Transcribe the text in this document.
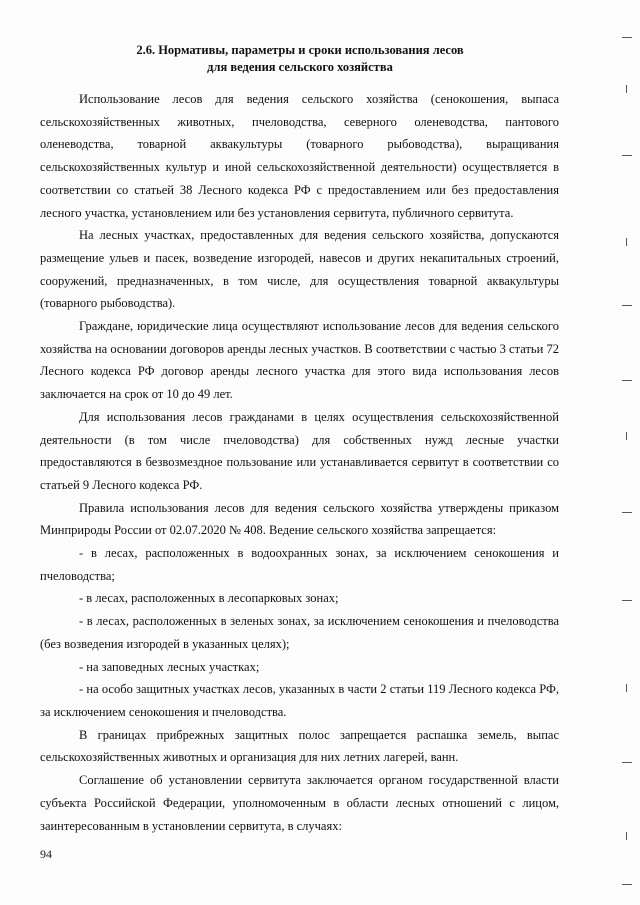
2.6. Нормативы, параметры и сроки использования лесов
для ведения сельского хозяйства

Использование лесов для ведения сельского хозяйства (сенокошения, выпаса сельскохозяйственных животных, пчеловодства, северного оленеводства, пантового оленеводства, товарной аквакультуры (товарного рыбоводства), выращивания сельскохозяйственных культур и иной сельскохозяйственной деятельности) осуществляется в соответствии со статьей 38 Лесного кодекса РФ с предоставлением или без предоставления лесного участка, установлением или без установления сервитута, публичного сервитута.

На лесных участках, предоставленных для ведения сельского хозяйства, допускаются размещение ульев и пасек, возведение изгородей, навесов и других некапитальных строений, сооружений, предназначенных, в том числе, для осуществления товарной аквакультуры (товарного рыбоводства).

Граждане, юридические лица осуществляют использование лесов для ведения сельского хозяйства на основании договоров аренды лесных участков. В соответствии с частью 3 статьи 72 Лесного кодекса РФ договор аренды лесного участка для этого вида использования лесов заключается на срок от 10 до 49 лет.

Для использования лесов гражданами в целях осуществления сельскохозяйственной деятельности (в том числе пчеловодства) для собственных нужд лесные участки предоставляются в безвозмездное пользование или устанавливается сервитут в соответствии со статьей 9 Лесного кодекса РФ.

Правила использования лесов для ведения сельского хозяйства утверждены приказом Минприроды России от 02.07.2020 № 408. Ведение сельского хозяйства запрещается:

- в лесах, расположенных в водоохранных зонах, за исключением сенокошения и пчеловодства;

- в лесах, расположенных в лесопарковых зонах;

- в лесах, расположенных в зеленых зонах, за исключением сенокошения и пчеловодства (без возведения изгородей в указанных целях);

- на заповедных лесных участках;

- на особо защитных участках лесов, указанных в части 2 статьи 119 Лесного кодекса РФ, за исключением сенокошения и пчеловодства.

В границах прибрежных защитных полос запрещается распашка земель, выпас сельскохозяйственных животных и организация для них летних лагерей, ванн.

Соглашение об установлении сервитута заключается органом государственной власти субъекта Российской Федерации, уполномоченным в области лесных отношений с лицом, заинтересованным в установлении сервитута, в случаях:

94
